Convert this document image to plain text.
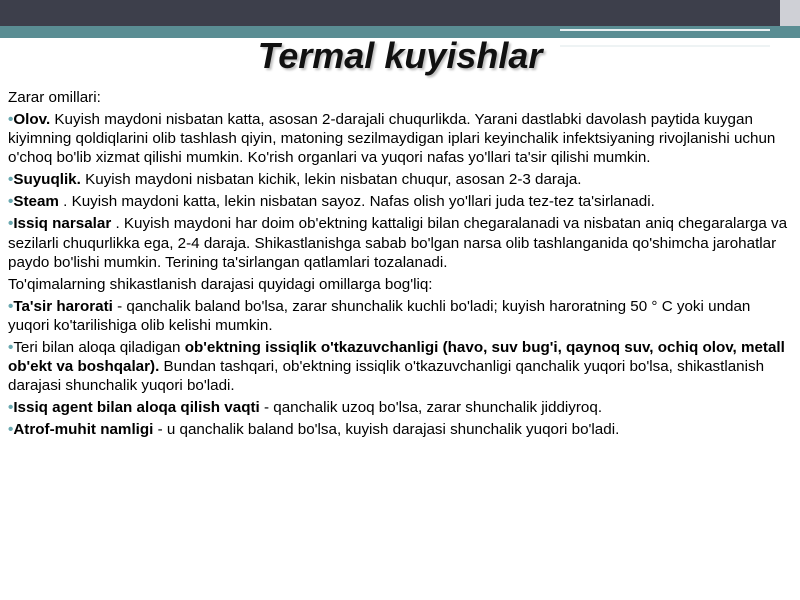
Termal kuyishlar

Zarar omillari:

•Olov. Kuyish maydoni nisbatan katta, asosan 2-darajali chuqurlikda. Yarani dastlabki davolash paytida kuygan kiyimning qoldiqlarini olib tashlash qiyin, matoning sezilmaydigan iplari keyinchalik infektsiyaning rivojlanishi uchun o'choq bo'lib xizmat qilishi mumkin. Ko'rish organlari va yuqori nafas yo'llari ta'sir qilishi mumkin.

•Suyuqlik. Kuyish maydoni nisbatan kichik, lekin nisbatan chuqur, asosan 2-3 daraja.

•Steam . Kuyish maydoni katta, lekin nisbatan sayoz. Nafas olish yo'llari juda tez-tez ta'sirlanadi.

•Issiq narsalar . Kuyish maydoni har doim ob'ektning kattaligi bilan chegaralanadi va nisbatan aniq chegaralarga va sezilarli chuqurlikka ega, 2-4 daraja. Shikastlanishga sabab bo'lgan narsa olib tashlanganida qo'shimcha jarohatlar paydo bo'lishi mumkin. Terining ta'sirlangan qatlamlari tozalanadi.

To'qimalarning shikastlanish darajasi quyidagi omillarga bog'liq:

•Ta'sir harorati - qanchalik baland bo'lsa, zarar shunchalik kuchli bo'ladi; kuyish haroratning 50 ° C yoki undan yuqori ko'tarilishiga olib kelishi mumkin.

•Teri bilan aloqa qiladigan ob'ektning issiqlik o'tkazuvchanligi (havo, suv bug'i, qaynoq suv, ochiq olov, metall ob'ekt va boshqalar). Bundan tashqari, ob'ektning issiqlik o'tkazuvchanligi qanchalik yuqori bo'lsa, shikastlanish darajasi shunchalik yuqori bo'ladi.

•Issiq agent bilan aloqa qilish vaqti - qanchalik uzoq bo'lsa, zarar shunchalik jiddiyroq.

•Atrof-muhit namligi - u qanchalik baland bo'lsa, kuyish darajasi shunchalik yuqori bo'ladi.
